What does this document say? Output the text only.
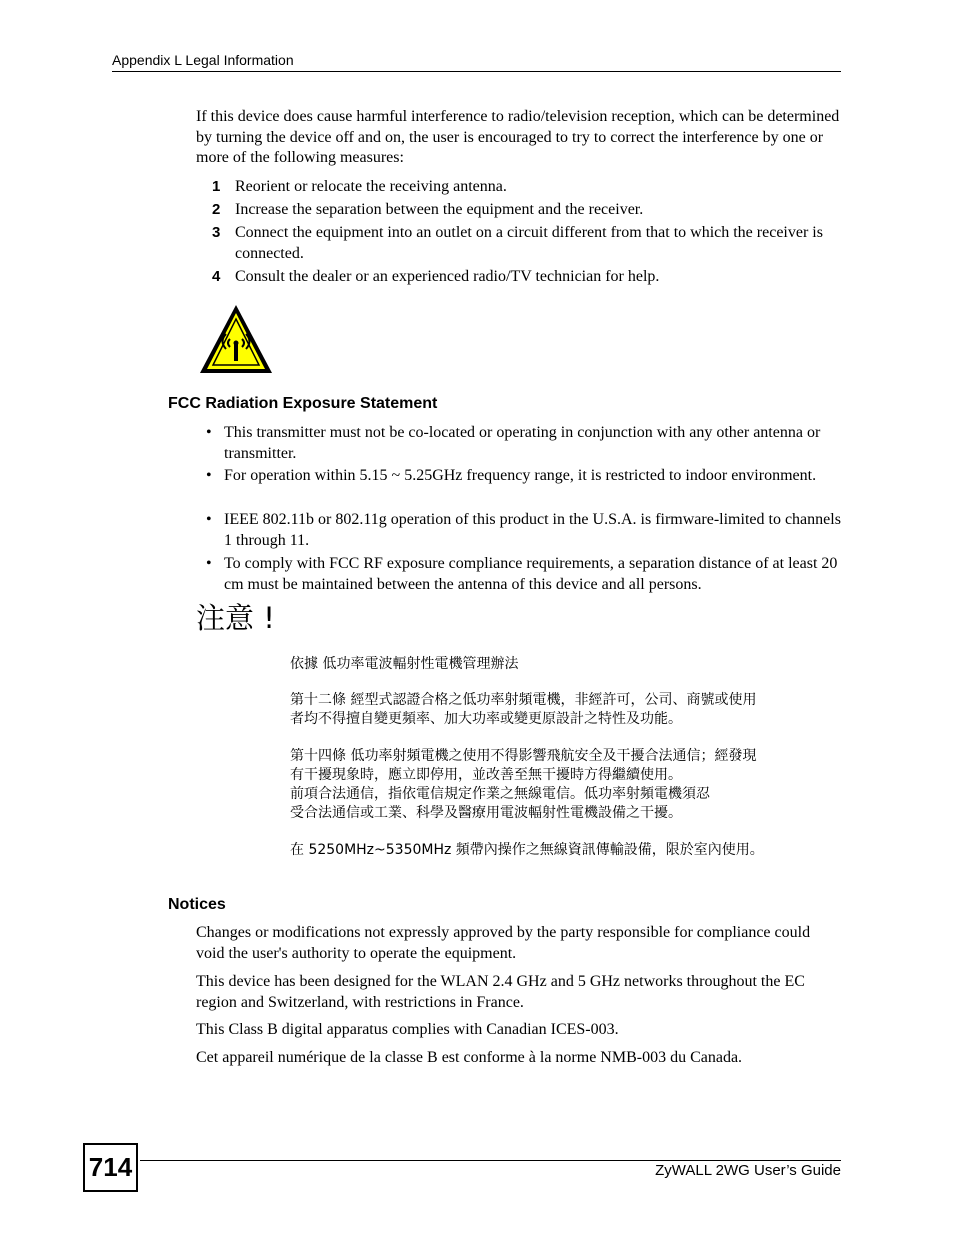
Appendix L Legal Information

If this device does cause harmful interference to radio/television reception, which can be determined by turning the device off and on, the user is encouraged to try to correct the interference by one or more of the following measures:

1 Reorient or relocate the receiving antenna.
2 Increase the separation between the equipment and the receiver.
3 Connect the equipment into an outlet on a circuit different from that to which the receiver is connected.
4 Consult the dealer or an experienced radio/TV technician for help.
FCC Radiation Exposure Statement
• This transmitter must not be co-located or operating in conjunction with any other antenna or transmitter.
• For operation within 5.15 ~ 5.25GHz frequency range, it is restricted to indoor environment.
• IEEE 802.11b or 802.11g operation of this product in the U.S.A. is firmware-limited to channels 1 through 11.
• To comply with FCC RF exposure compliance requirements, a separation distance of at least 20 cm must be maintained between the antenna of this device and all persons.
注意 !
依據 低功率電波輻射性電機管理辦法
第十二條 經型式認證合格之低功率射頻電機，非經許可，公司、商號或使用
者均不得擅自變更頻率、加大功率或變更原設計之特性及功能。
第十四條 低功率射頻電機之使用不得影響飛航安全及干擾合法通信；經發現
有干擾現象時，應立即停用，並改善至無干擾時方得繼續使用。
前項合法通信，指依電信規定作業之無線電信。低功率射頻電機須忍
受合法通信或工業、科學及醫療用電波輻射性電機設備之干擾。
在 5250MHz~5350MHz 頻帶內操作之無線資訊傳輸設備，限於室內使用。
Notices

Changes or modifications not expressly approved by the party responsible for compliance could void the user's authority to operate the equipment.

This device has been designed for the WLAN 2.4 GHz and 5 GHz networks throughout the EC region and Switzerland, with restrictions in France.

This Class B digital apparatus complies with Canadian ICES-003.

Cet appareil numérique de la classe B est conforme à la norme NMB-003 du Canada.

714	ZyWALL 2WG User’s Guide
